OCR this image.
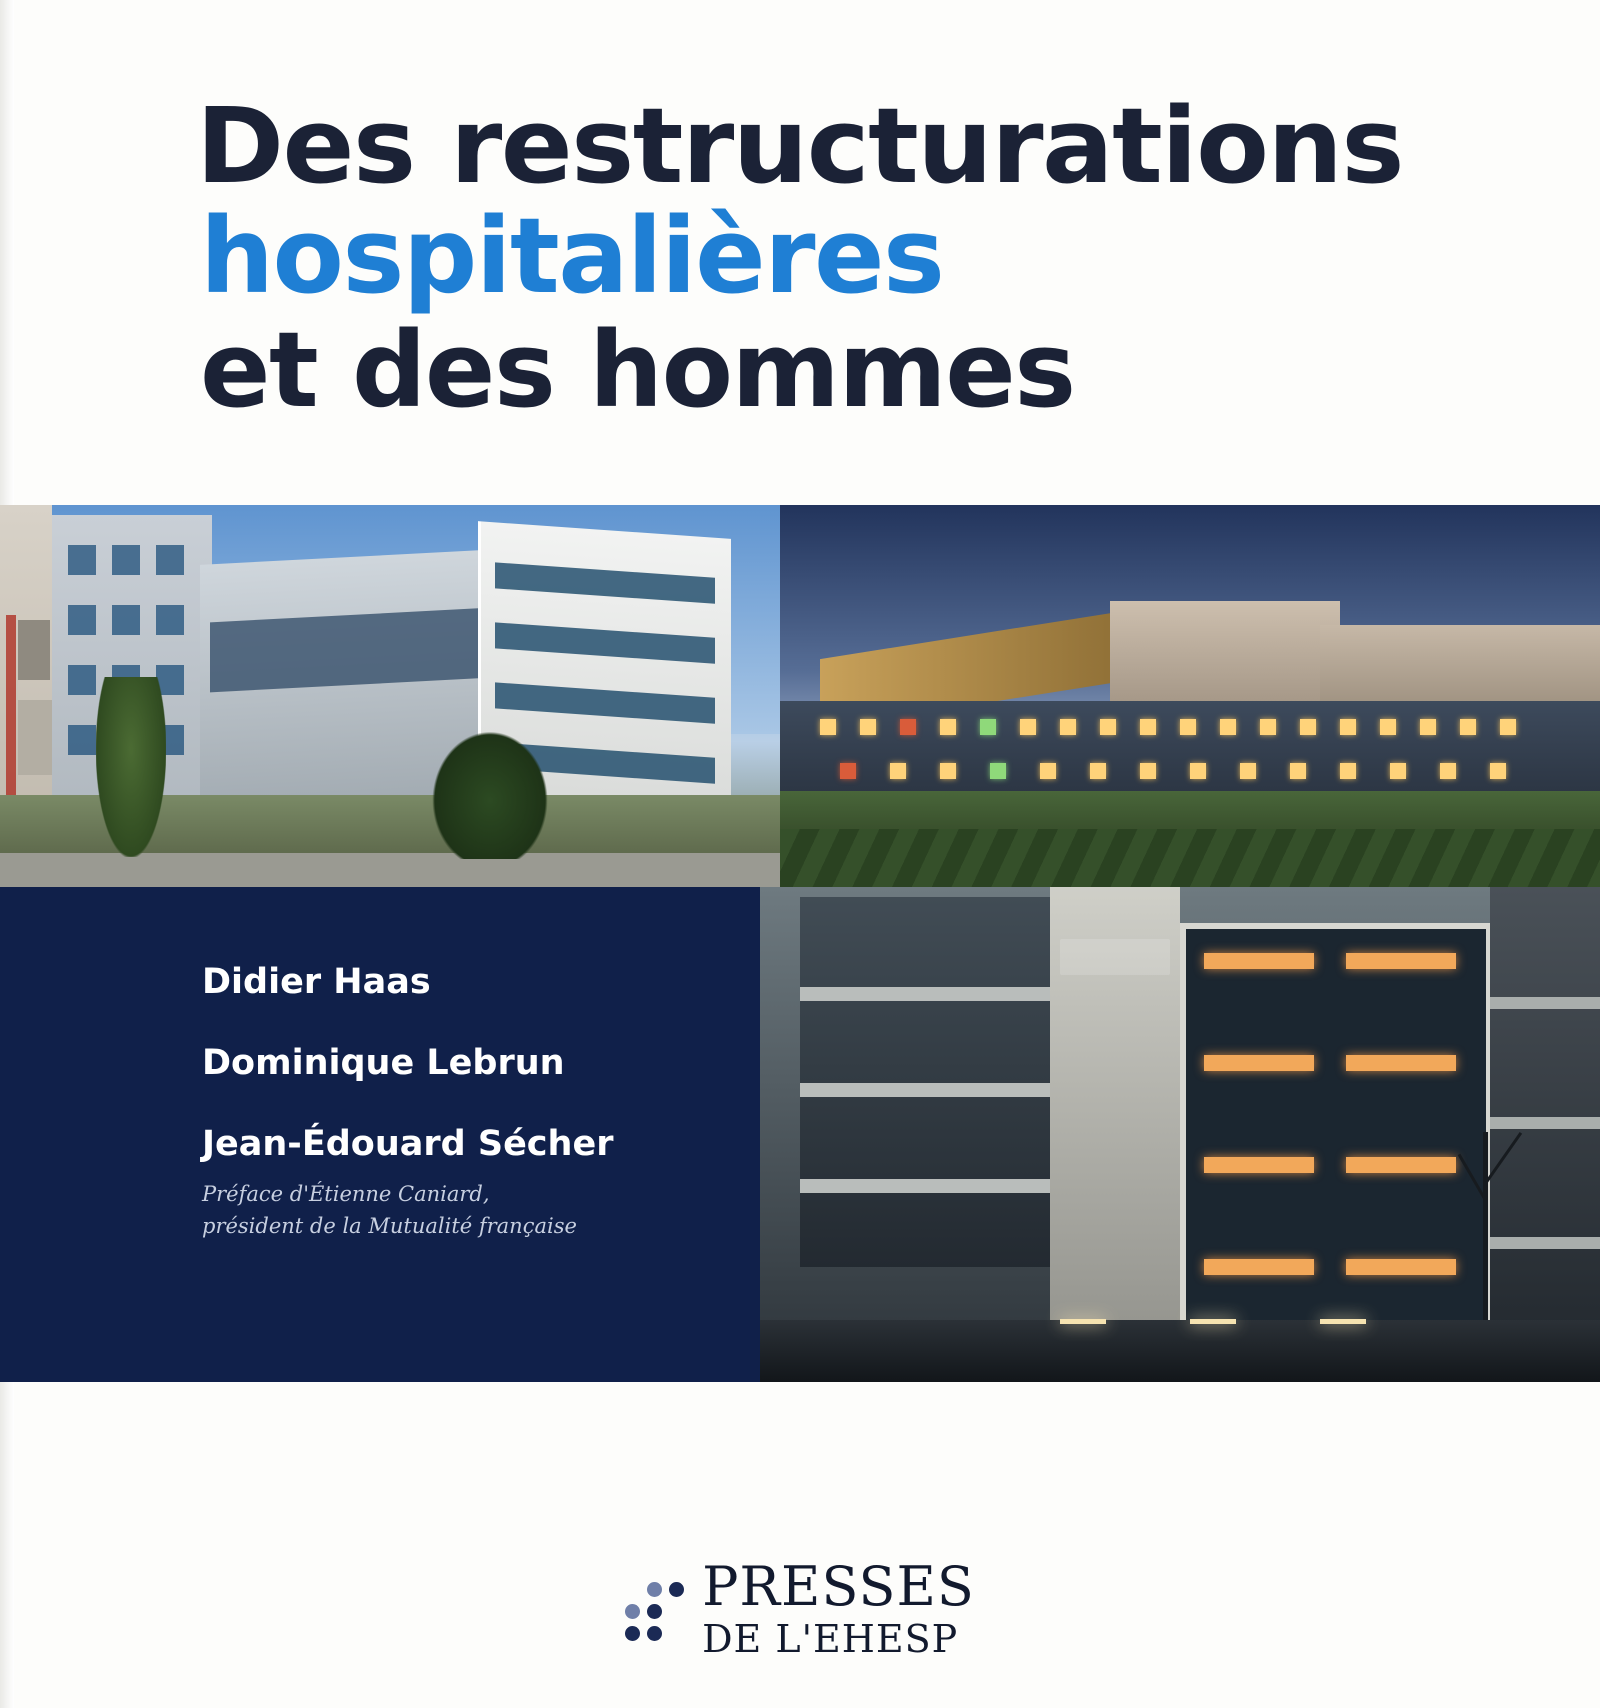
Des restructurations
hospitalières
et des hommes
Didier Haas
Dominique Lebrun
Jean-Édouard Sécher
Préface d'Étienne Caniard,
président de la Mutualité française
PRESSES
DE L'EHESP
